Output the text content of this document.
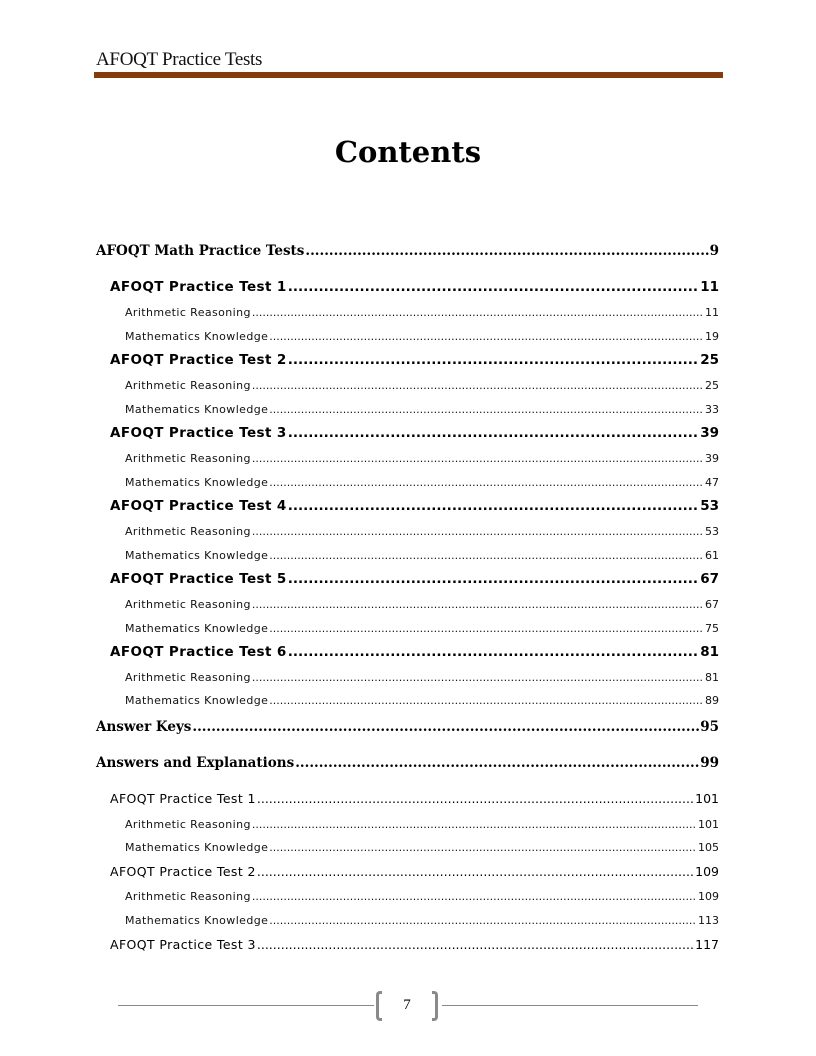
AFOQT Practice Tests
Contents
AFOQT Math Practice Tests .....	9
AFOQT Practice Test 1 .....	11
Arithmetic Reasoning .....	11
Mathematics Knowledge .....	19
AFOQT Practice Test 2 .....	25
Arithmetic Reasoning .....	25
Mathematics Knowledge .....	33
AFOQT Practice Test 3 .....	39
Arithmetic Reasoning .....	39
Mathematics Knowledge .....	47
AFOQT Practice Test 4 .....	53
Arithmetic Reasoning .....	53
Mathematics Knowledge .....	61
AFOQT Practice Test 5 .....	67
Arithmetic Reasoning .....	67
Mathematics Knowledge .....	75
AFOQT Practice Test 6 .....	81
Arithmetic Reasoning .....	81
Mathematics Knowledge .....	89
Answer Keys .....	95
Answers and Explanations .....	99
AFOQT Practice Test 1 .....	101
Arithmetic Reasoning .....	101
Mathematics Knowledge .....	105
AFOQT Practice Test 2 .....	109
Arithmetic Reasoning .....	109
Mathematics Knowledge .....	113
AFOQT Practice Test 3 .....	117
7
